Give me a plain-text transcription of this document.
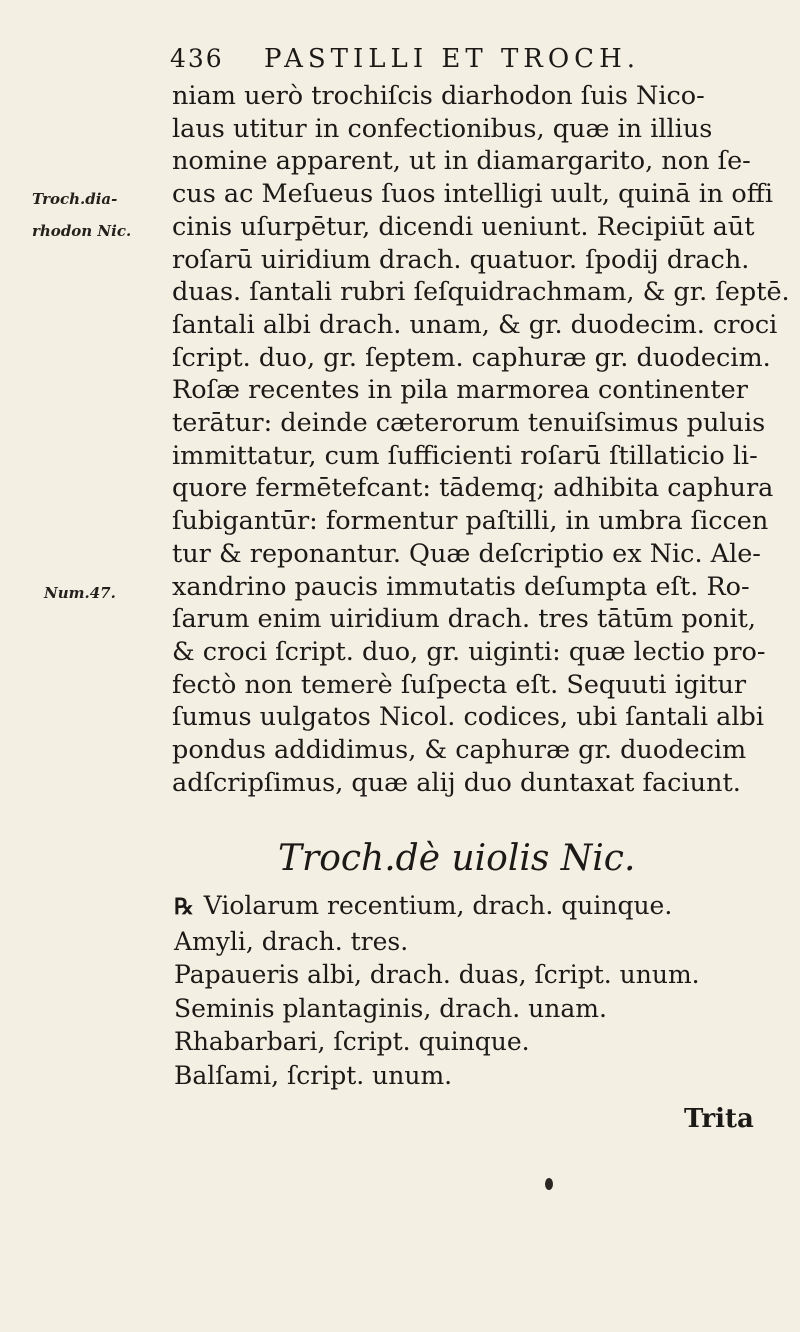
436 PASTILLI ET TROCH.
Troch.dia-
rhodon Nic.
Num.47.
niam uerò trochiſcis diarhodon ſuis Nico-
laus utitur in confectionibus, quæ in illius
nomine apparent, ut in diamargarito, non ſe-
cus ac Meſueus ſuos intelligi uult, quinā in offi
cinis uſurpētur, dicendi ueniunt. Recipiūt aūt
roſarū uiridium drach. quatuor. ſpodij drach.
duas. ſantali rubri ſeſquidrachmam, & gr. ſeptē.
ſantali albi drach. unam, & gr. duodecim. croci
ſcript. duo, gr. ſeptem. caphuræ gr. duodecim.
Roſæ recentes in pila marmorea continenter
terātur: deinde cæterorum tenuiſsimus puluis
immittatur, cum ſufficienti roſarū ſtillaticio li-
quore fermētefcant: tādemq; adhibita caphura
ſubigantūr: formentur paſtilli, in umbra ſiccen
tur & reponantur. Quæ deſcriptio ex Nic. Ale-
xandrino paucis immutatis deſumpta eſt. Ro-
ſarum enim uiridium drach. tres tātūm ponit,
& croci ſcript. duo, gr. uiginti: quæ lectio pro-
fectò non temerè ſuſpecta eſt. Sequuti igitur
ſumus uulgatos Nicol. codices, ubi ſantali albi
pondus addidimus, & caphuræ gr. duodecim
adſcripſimus, quæ alij duo duntaxat faciunt.
Troch.dè uiolis Nic.
℞ Violarum recentium, drach. quinque.
Amyli, drach. tres.
Papaueris albi, drach. duas, ſcript. unum.
Seminis plantaginis, drach. unam.
Rhabarbari, ſcript. quinque.
Balſami, ſcript. unum.
Trita
